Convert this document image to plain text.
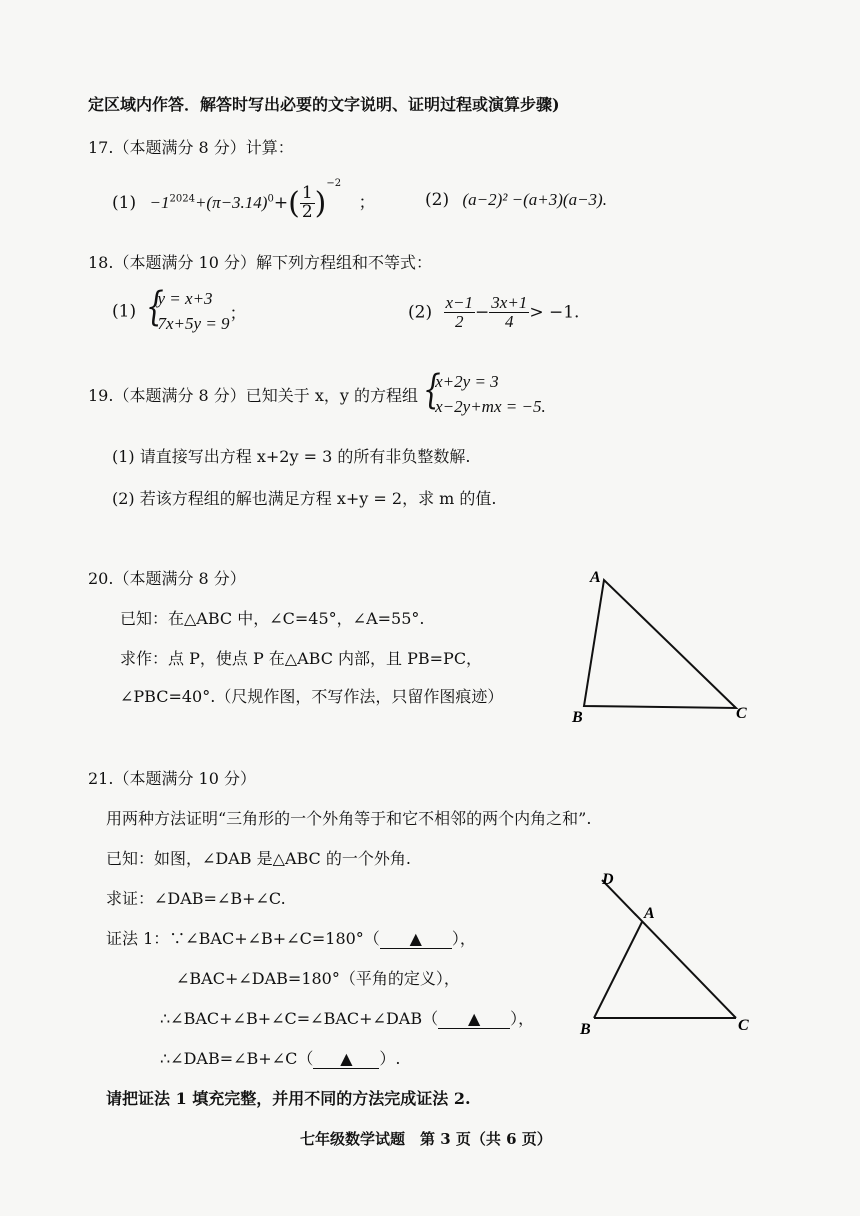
定区域内作答．解答时写出必要的文字说明、证明过程或演算步骤)
17.（本题满分 8 分）计算：
$(1) -1^{2024}+(\pi-3.14)^0+( \frac{1}{2} )^{-2}$ ；	(2) (a−2)² −(a+3)(a−3).
18.（本题满分 10 分）解下列方程组和不等式：
(1) {
y = x+3
7x+5y = 9 ；	$(2) \frac{x-1}{2} - \frac{3x+1}{4} > -1$.
19.（本题满分 8 分）已知关于 x，y 的方程组 {
x+2y = 3
x−2y+mx = −5.
(1) 请直接写出方程 x+2y = 3 的所有非负整数解.
(2) 若该方程组的解也满足方程 x+y = 2，求 m 的值.
20.（本题满分 8 分）
已知：在△ABC 中，∠C=45°，∠A=55°.
求作：点 P，使点 P 在△ABC 内部，且 PB=PC，
∠PBC=40°.（尺规作图，不写作法，只留作图痕迹）
A
B	C
21.（本题满分 10 分）
用两种方法证明“三角形的一个外角等于和它不相邻的两个内角之和”.
已知：如图，∠DAB 是△ABC 的一个外角.
求证：∠DAB=∠B+∠C.
证法 1：∵∠BAC+∠B+∠C=180°（ ▲ ），
∠BAC+∠DAB=180°（平角的定义），
∴∠BAC+∠B+∠C=∠BAC+∠DAB（ ▲ ），
∴∠DAB=∠B+∠C（ ▲ ）.
请把证法 1 填充完整，并用不同的方法完成证法 2.
D
A
B	C
七年级数学试题　第 3 页（共 6 页）
